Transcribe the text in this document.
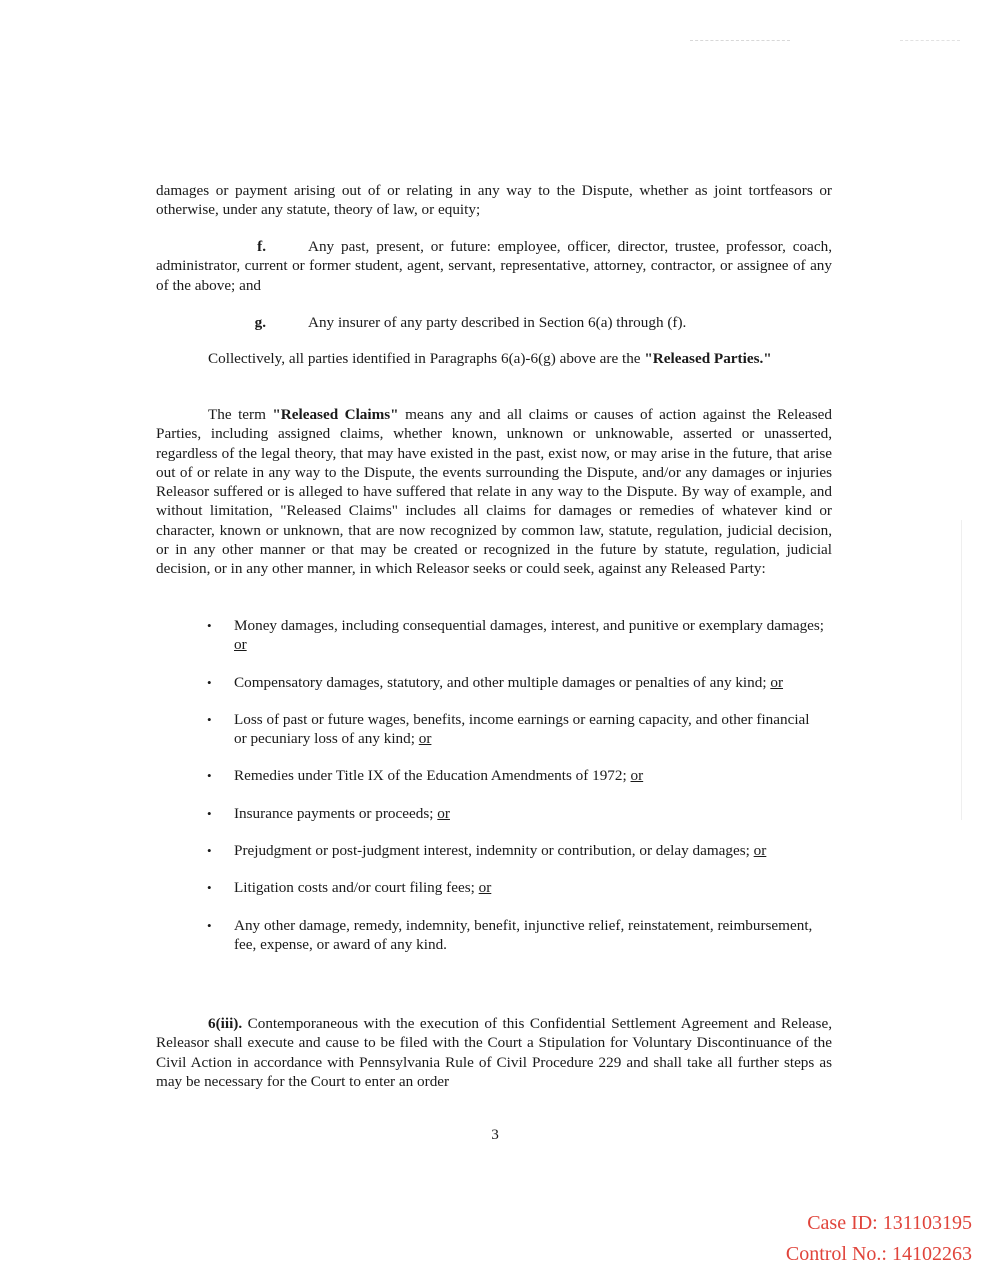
damages or payment arising out of or relating in any way to the Dispute, whether as joint tortfeasors or otherwise, under any statute, theory of law, or equity;

f.	Any past, present, or future: employee, officer, director, trustee, professor, coach, administrator, current or former student, agent, servant, representative, attorney, contractor, or assignee of any of the above; and

g.	Any insurer of any party described in Section 6(a) through (f).

Collectively, all parties identified in Paragraphs 6(a)-6(g) above are the "Released Parties."

The term "Released Claims" means any and all claims or causes of action against the Released Parties, including assigned claims, whether known, unknown or unknowable, asserted or unasserted, regardless of the legal theory, that may have existed in the past, exist now, or may arise in the future, that arise out of or relate in any way to the Dispute, the events surrounding the Dispute, and/or any damages or injuries Releasor suffered or is alleged to have suffered that relate in any way to the Dispute. By way of example, and without limitation, "Released Claims" includes all claims for damages or remedies of whatever kind or character, known or unknown, that are now recognized by common law, statute, regulation, judicial decision, or in any other manner or that may be created or recognized in the future by statute, regulation, judicial decision, or in any other manner, in which Releasor seeks or could seek, against any Released Party:

• Money damages, including consequential damages, interest, and punitive or exemplary damages; or
• Compensatory damages, statutory, and other multiple damages or penalties of any kind; or
• Loss of past or future wages, benefits, income earnings or earning capacity, and other financial or pecuniary loss of any kind; or
• Remedies under Title IX of the Education Amendments of 1972; or
• Insurance payments or proceeds; or
• Prejudgment or post-judgment interest, indemnity or contribution, or delay damages; or
• Litigation costs and/or court filing fees; or
• Any other damage, remedy, indemnity, benefit, injunctive relief, reinstatement, reimbursement, fee, expense, or award of any kind.

6(iii). Contemporaneous with the execution of this Confidential Settlement Agreement and Release, Releasor shall execute and cause to be filed with the Court a Stipulation for Voluntary Discontinuance of the Civil Action in accordance with Pennsylvania Rule of Civil Procedure 229 and shall take all further steps as may be necessary for the Court to enter an order

3
Case ID: 131103195
Control No.: 14102263
